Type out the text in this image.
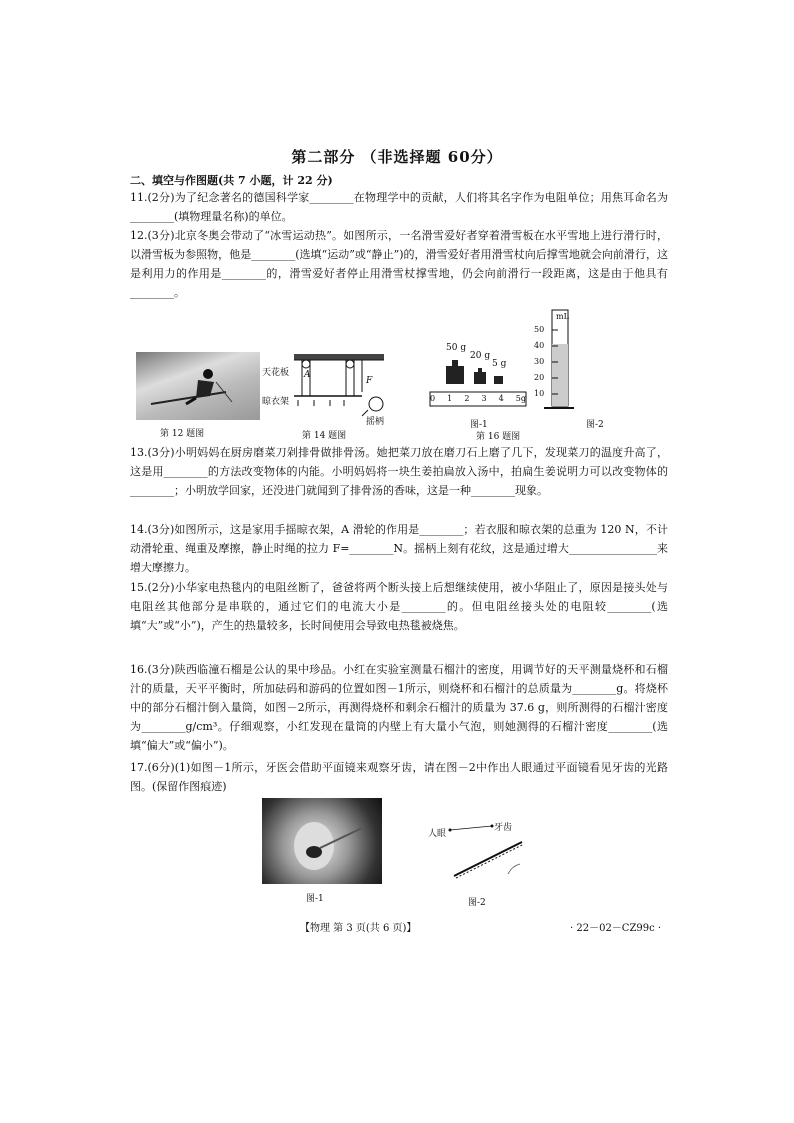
第二部分 （非选择题 60分）
二、填空与作图题(共 7 小题，计 22 分)
11.(2分)为了纪念著名的德国科学家________在物理学中的贡献，人们将其名字作为电阻单位；用焦耳命名为________(填物理量名称)的单位。
12.(3分)北京冬奥会带动了“冰雪运动热”。如图所示，一名滑雪爱好者穿着滑雪板在水平雪地上进行滑行时，以滑雪板为参照物，他是________(选填“运动”或“静止”)的，滑雪爱好者用滑雪杖向后撑雪地就会向前滑行，这是利用力的作用是________的，滑雪爱好者停止用滑雪杖撑雪地，仍会向前滑行一段距离，这是由于他具有________。
第 12 题图
天花板
晾衣架
A
F
摇柄
第 14 题图
50 g
20 g
5 g
0 1 2 3 4 5g
图-1
mL
50
40
30
20
10
图-2
第 16 题图
13.(3分)小明妈妈在厨房磨菜刀剁排骨做排骨汤。她把菜刀放在磨刀石上磨了几下，发现菜刀的温度升高了，这是用________的方法改变物体的内能。小明妈妈将一块生姜拍扁放入汤中，拍扁生姜说明力可以改变物体的________；小明放学回家，还没进门就闻到了排骨汤的香味，这是一种________现象。
14.(3分)如图所示，这是家用手摇晾衣架，A 滑轮的作用是________；若衣服和晾衣架的总重为 120 N，不计动滑轮重、绳重及摩擦，静止时绳的拉力 F=________N。摇柄上刻有花纹，这是通过增大________________来增大摩擦力。
15.(2分)小华家电热毯内的电阻丝断了，爸爸将两个断头接上后想继续使用，被小华阻止了，原因是接头处与电阻丝其他部分是串联的，通过它们的电流大小是________的。但电阻丝接头处的电阻较________(选填“大”或“小”)，产生的热量较多，长时间使用会导致电热毯被烧焦。
16.(3分)陕西临潼石榴是公认的果中珍品。小红在实验室测量石榴汁的密度，用调节好的天平测量烧杯和石榴汁的质量，天平平衡时，所加砝码和游码的位置如图－1所示，则烧杯和石榴汁的总质量为________g。将烧杯中的部分石榴汁倒入量筒，如图－2所示，再测得烧杯和剩余石榴汁的质量为 37.6 g，则所测得的石榴汁密度为________g/cm³。仔细观察，小红发现在量筒的内壁上有大量小气泡，则她测得的石榴汁密度________(选填“偏大”或“偏小”)。
17.(6分)(1)如图－1所示，牙医会借助平面镜来观察牙齿，请在图－2中作出人眼通过平面镜看见牙齿的光路图。(保留作图痕迹)
图-1
人眼
牙齿
图-2
【物理 第 3 页(共 6 页)】	· 22－02－CZ99c ·
